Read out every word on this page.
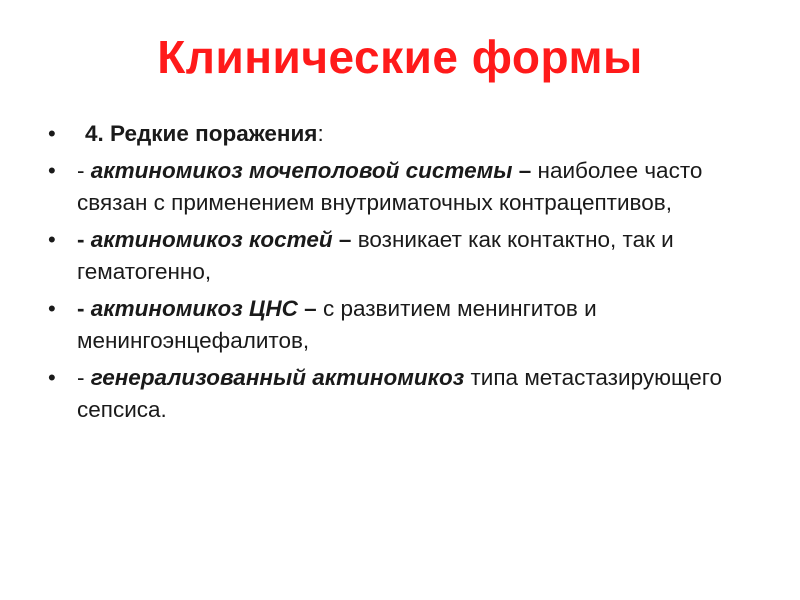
Клинические формы
• 4. Редкие поражения:
• - актиномикоз мочеполовой системы – наиболее часто связан с применением внутриматочных контрацептивов,
• - актиномикоз костей – возникает как контактно, так и гематогенно,
• - актиномикоз ЦНС – с развитием менингитов и менингоэнцефалитов,
• - генерализованный актиномикоз типа метастазирующего сепсиса.
